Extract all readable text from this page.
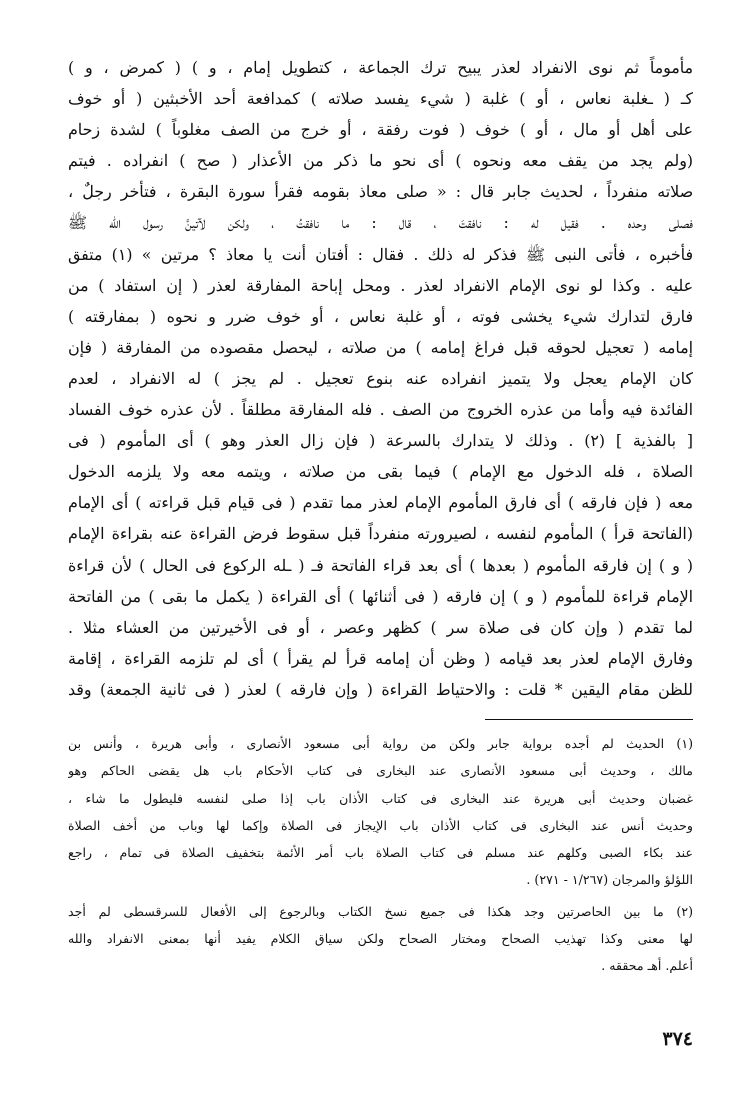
مأموماً ثم نوى الانفراد لعذر يبيح ترك الجماعة ، كتطويل إمام ، و ) ( كمرض ، و )
كـ ( ـغلبة نعاس ، أو ) غلبة ( شيء يفسد صلاته ) كمدافعة أحد الأخبثين ( أو خوف
على أهل أو مال ، أو ) خوف ( فوت رفقة ، أو خرج من الصف مغلوباً ) لشدة زحام
(ولم يجد من يقف معه ونحوه ) أى نحو ما ذكر من الأعذار ( صح ) انفراده . فيتم
صلاته منفرداً ، لحديث جابر قال : « صلى معاذ بقومه فقرأ سورة البقرة ، فتأخر رجلٌ ،
فصلى وحده . فقيل له : نافقتَ ، قال : ما نافقتُ ، ولكن لآتينَّ رسول الله ﷺ
فأخبره ، فأتى النبى ﷺ فذكر له ذلك . فقال : أفتان أنت يا معاذ ؟ مرتين » (١) متفق
عليه . وكذا لو نوى الإمام الانفراد لعذر . ومحل إباحة المفارقة لعذر ( إن استفاد ) من
فارق لتدارك شيء يخشى فوته ، أو غلبة نعاس ، أو خوف ضرر و نحوه ( بمفارقته )
إمامه ( تعجيل لحوقه قبل فراغ إمامه ) من صلاته ، ليحصل مقصوده من المفارقة ( فإن
كان الإمام يعجل ولا يتميز انفراده عنه بنوع تعجيل . لم يجز ) له الانفراد ، لعدم
الفائدة فيه وأما من عذره الخروج من الصف . فله المفارقة مطلقاً . لأن عذره خوف الفساد
[ بالفذية ] (٢) . وذلك لا يتدارك بالسرعة ( فإن زال العذر وهو ) أى المأموم ( فى
الصلاة ، فله الدخول مع الإمام ) فيما بقى من صلاته ، ويتمه معه ولا يلزمه الدخول
معه ( فإن فارقه ) أى فارق المأموم الإمام لعذر مما تقدم ( فى قيام قبل قراءته ) أى الإمام
(الفاتحة قرأ ) المأموم لنفسه ، لصيرورته منفرداً قبل سقوط فرض القراءة عنه بقراءة الإمام
( و ) إن فارقه المأموم ( بعدها ) أى بعد قراء الفاتحة فـ ( ـله الركوع فى الحال ) لأن قراءة
الإمام قراءة للمأموم ( و ) إن فارقه ( فى أثنائها ) أى القراءة ( يكمل ما بقى ) من الفاتحة
لما تقدم ( وإن كان فى صلاة سر ) كظهر وعصر ، أو فى الأخيرتين من العشاء مثلا .
وفارق الإمام لعذر بعد قيامه ( وظن أن إمامه قرأ لم يقرأ ) أى لم تلزمه القراءة ، إقامة
للظن مقام اليقين * قلت : والاحتياط القراءة ( وإن فارقه ) لعذر ( فى ثانية الجمعة) وقد
(١) الحديث لم أجده برواية جابر ولكن من رواية أبى مسعود الأنصارى ، وأبى هريرة ، وأنس بن
مالك ، وحديث أبى مسعود الأنصارى عند البخارى فى كتاب الأحكام باب هل يقضى الحاكم وهو
غضبان وحديث أبى هريرة عند البخارى فى كتاب الأذان باب إذا صلى لنفسه فليطول ما شاء ،
وحديث أنس عند البخارى فى كتاب الأذان باب الإيجاز فى الصلاة وإكما لها وباب من أخف الصلاة
عند بكاء الصبى وكلهم عند مسلم فى كتاب الصلاة باب أمر الأئمة بتخفيف الصلاة فى تمام ، راجع
اللؤلؤ والمرجان (١/٢٦٧ - ٢٧١) .
(٢) ما بين الحاصرتين وجد هكذا فى جميع نسخ الكتاب وبالرجوع إلى الأفعال للسرقسطى لم أجد
لها معنى وكذا تهذيب الصحاح ومختار الصحاح ولكن سياق الكلام يفيد أنها بمعنى الانفراد والله
أعلم. أهـ محققه .
٣٧٤
